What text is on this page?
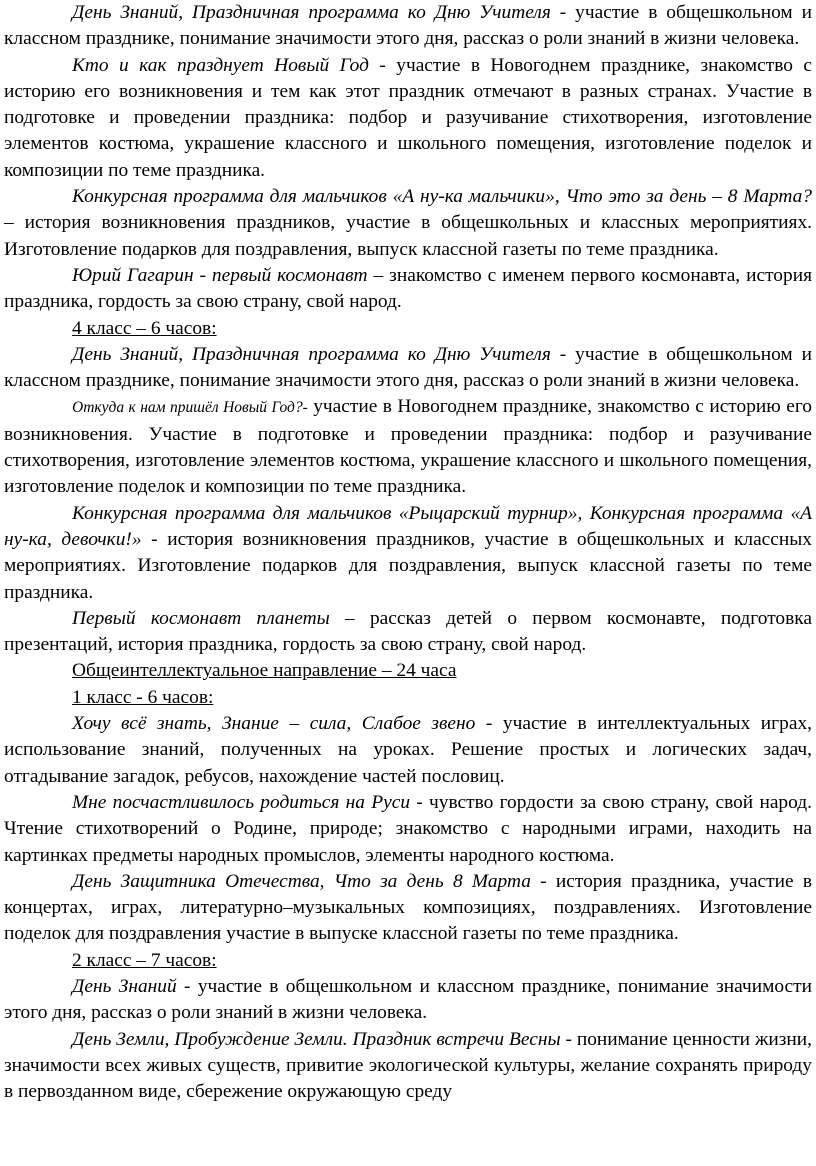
День Знаний, Праздничная программа ко Дню Учителя - участие в общешкольном и классном празднике, понимание значимости этого дня, рассказ о роли знаний в жизни человека.

Кто и как празднует Новый Год - участие в Новогоднем празднике, знакомство с историю его возникновения и тем как этот праздник отмечают в разных странах. Участие в подготовке и проведении праздника: подбор и разучивание стихотворения, изготовление элементов костюма, украшение классного и школьного помещения, изготовление поделок и композиции по теме праздника.

Конкурсная программа для мальчиков «А ну-ка мальчики», Что это за день – 8 Марта? – история возникновения праздников, участие в общешкольных и классных мероприятиях. Изготовление подарков для поздравления, выпуск классной газеты по теме праздника.

Юрий Гагарин - первый космонавт – знакомство с именем первого космонавта, история праздника, гордость за свою страну, свой народ.

4 класс – 6 часов:

День Знаний, Праздничная программа ко Дню Учителя - участие в общешкольном и классном празднике, понимание значимости этого дня, рассказ о роли знаний в жизни человека.

Откуда к нам пришёл Новый Год?- участие в Новогоднем празднике, знакомство с историю его возникновения. Участие в подготовке и проведении праздника: подбор и разучивание стихотворения, изготовление элементов костюма, украшение классного и школьного помещения, изготовление поделок и композиции по теме праздника.

Конкурсная программа для мальчиков «Рыцарский турнир», Конкурсная программа «А ну-ка, девочки!» - история возникновения праздников, участие в общешкольных и классных мероприятиях. Изготовление подарков для поздравления, выпуск классной газеты по теме праздника.

Первый космонавт планеты – рассказ детей о первом космонавте, подготовка презентаций, история праздника, гордость за свою страну, свой народ.

Общеинтеллектуальное направление – 24 часа

1 класс - 6 часов:

Хочу всё знать, Знание – сила, Слабое звено - участие в интеллектуальных играх, использование знаний, полученных на уроках. Решение простых и логических задач, отгадывание загадок, ребусов, нахождение частей пословиц.

Мне посчастливилось родиться на Руси - чувство гордости за свою страну, свой народ. Чтение стихотворений о Родине, природе; знакомство с народными играми, находить на картинках предметы народных промыслов, элементы народного костюма.

День Защитника Отечества, Что за день 8 Марта - история праздника, участие в концертах, играх, литературно–музыкальных композициях, поздравлениях. Изготовление поделок для поздравления участие в выпуске классной газеты по теме праздника.

2 класс – 7 часов:

День Знаний - участие в общешкольном и классном празднике, понимание значимости этого дня, рассказ о роли знаний в жизни человека.

День Земли, Пробуждение Земли. Праздник встречи Весны - понимание ценности жизни, значимости всех живых существ, привитие экологической культуры, желание сохранять природу в первозданном виде, сбережение окружающую среду
